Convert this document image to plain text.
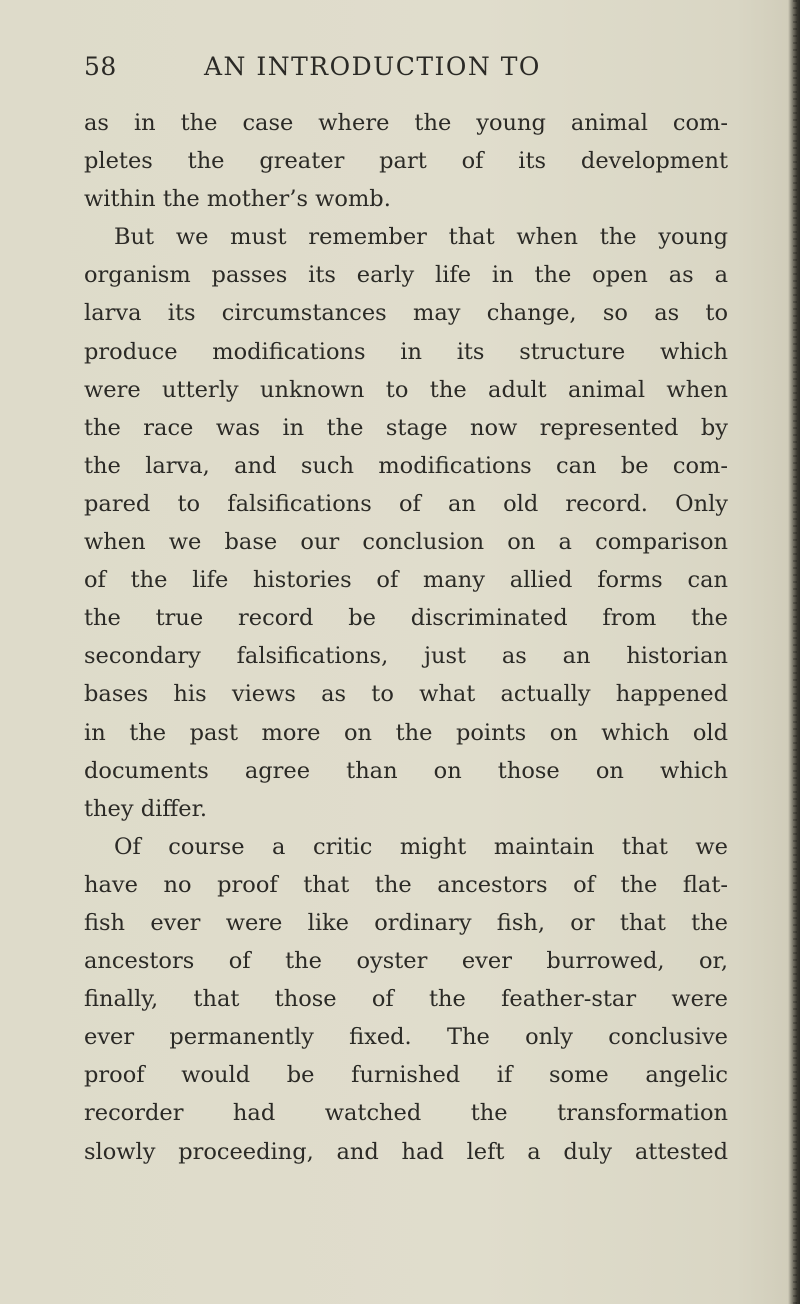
58	AN INTRODUCTION TO
as in the case where the young animal com-
pletes the greater part of its development
within the mother’s womb.
But we must remember that when the young
organism passes its early life in the open as a
larva its circumstances may change, so as to
produce modifications in its structure which
were utterly unknown to the adult animal when
the race was in the stage now represented by
the larva, and such modifications can be com-
pared to falsifications of an old record. Only
when we base our conclusion on a comparison
of the life histories of many allied forms can
the true record be discriminated from the
secondary falsifications, just as an historian
bases his views as to what actually happened
in the past more on the points on which old
documents agree than on those on which
they differ.
Of course a critic might maintain that we
have no proof that the ancestors of the flat-
fish ever were like ordinary fish, or that the
ancestors of the oyster ever burrowed, or,
finally, that those of the feather-star were
ever permanently fixed. The only conclusive
proof would be furnished if some angelic
recorder had watched the transformation
slowly proceeding, and had left a duly attested
